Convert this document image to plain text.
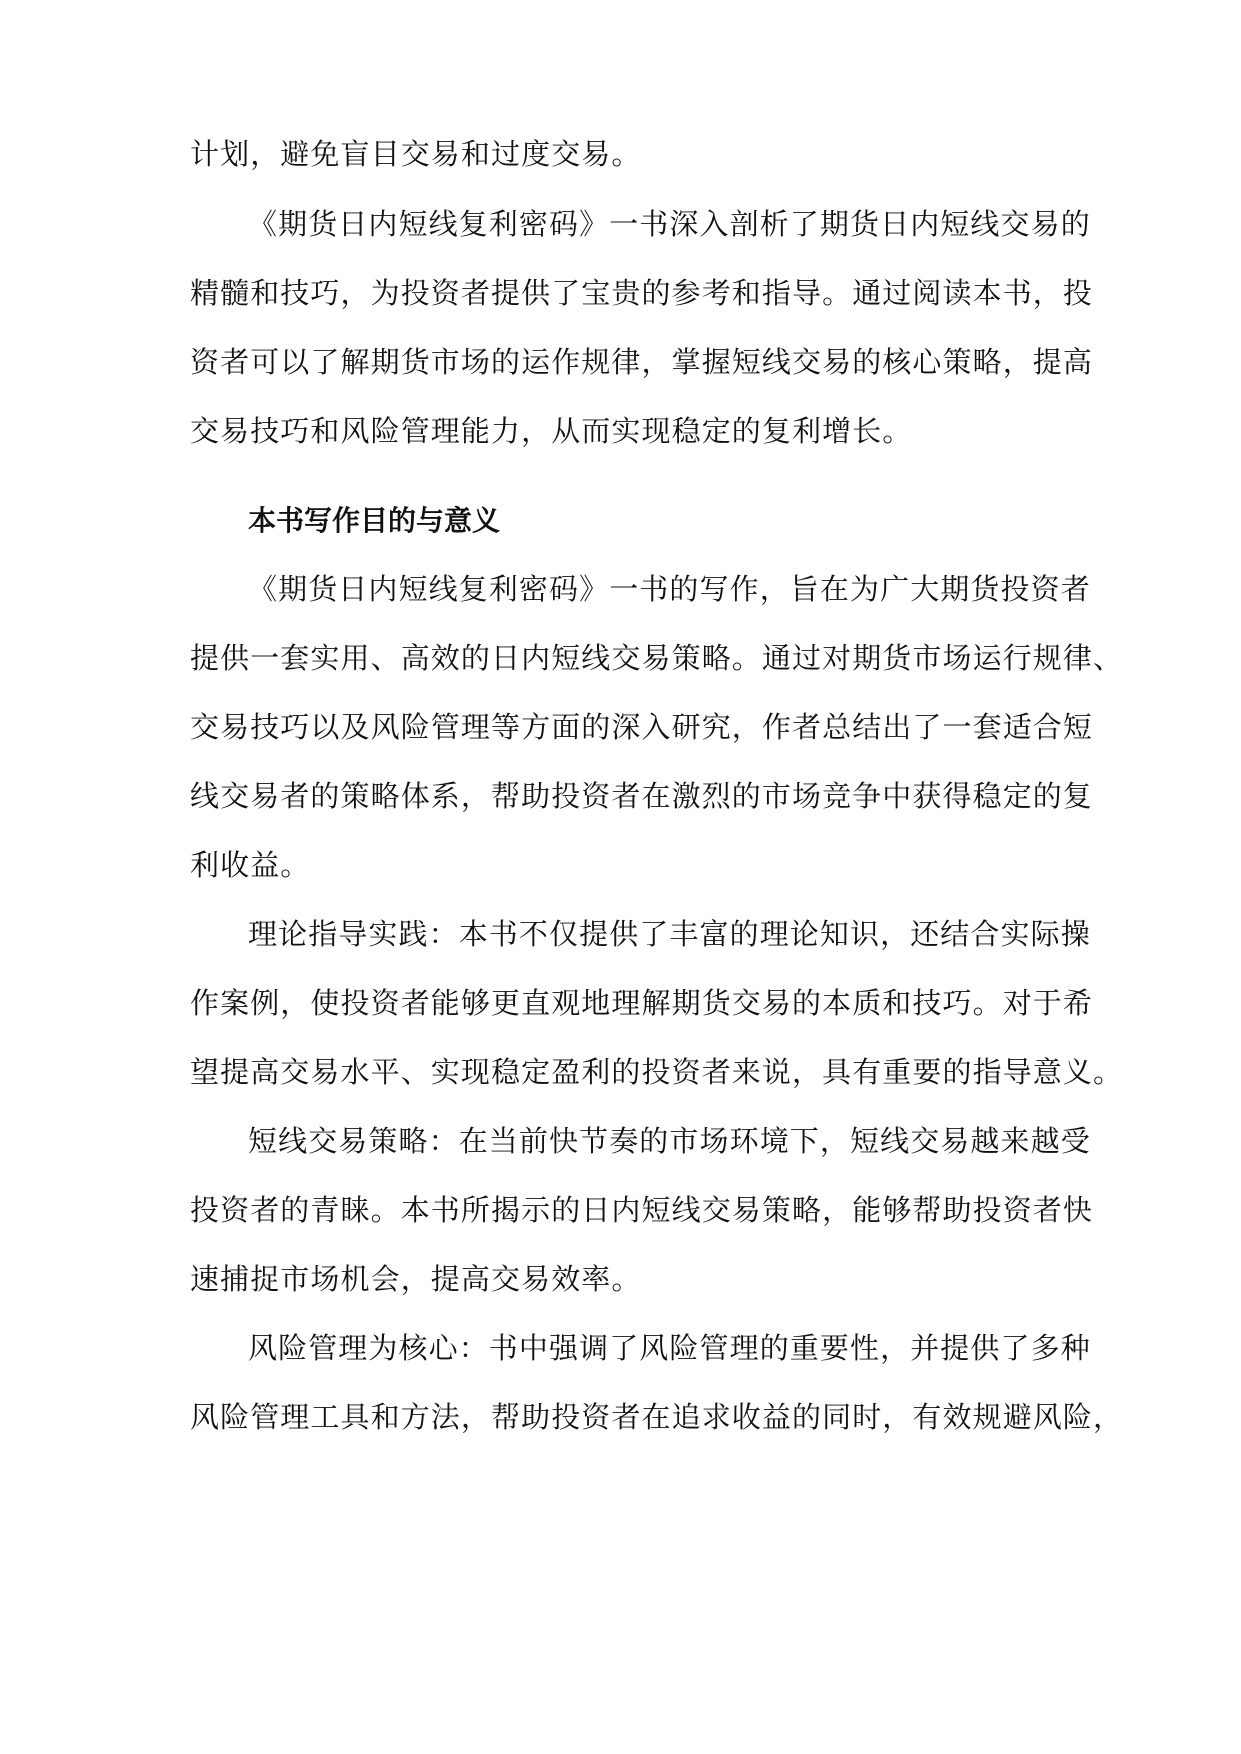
计划，避免盲目交易和过度交易。
《期货日内短线复利密码》一书深入剖析了期货日内短线交易的
精髓和技巧，为投资者提供了宝贵的参考和指导。通过阅读本书，投
资者可以了解期货市场的运作规律，掌握短线交易的核心策略，提高
交易技巧和风险管理能力，从而实现稳定的复利增长。
本书写作目的与意义
《期货日内短线复利密码》一书的写作，旨在为广大期货投资者
提供一套实用、高效的日内短线交易策略。通过对期货市场运行规律、
交易技巧以及风险管理等方面的深入研究，作者总结出了一套适合短
线交易者的策略体系，帮助投资者在激烈的市场竞争中获得稳定的复
利收益。
理论指导实践：本书不仅提供了丰富的理论知识，还结合实际操
作案例，使投资者能够更直观地理解期货交易的本质和技巧。对于希
望提高交易水平、实现稳定盈利的投资者来说，具有重要的指导意义。
短线交易策略：在当前快节奏的市场环境下，短线交易越来越受
投资者的青睐。本书所揭示的日内短线交易策略，能够帮助投资者快
速捕捉市场机会，提高交易效率。
风险管理为核心：书中强调了风险管理的重要性，并提供了多种
风险管理工具和方法，帮助投资者在追求收益的同时，有效规避风险，
